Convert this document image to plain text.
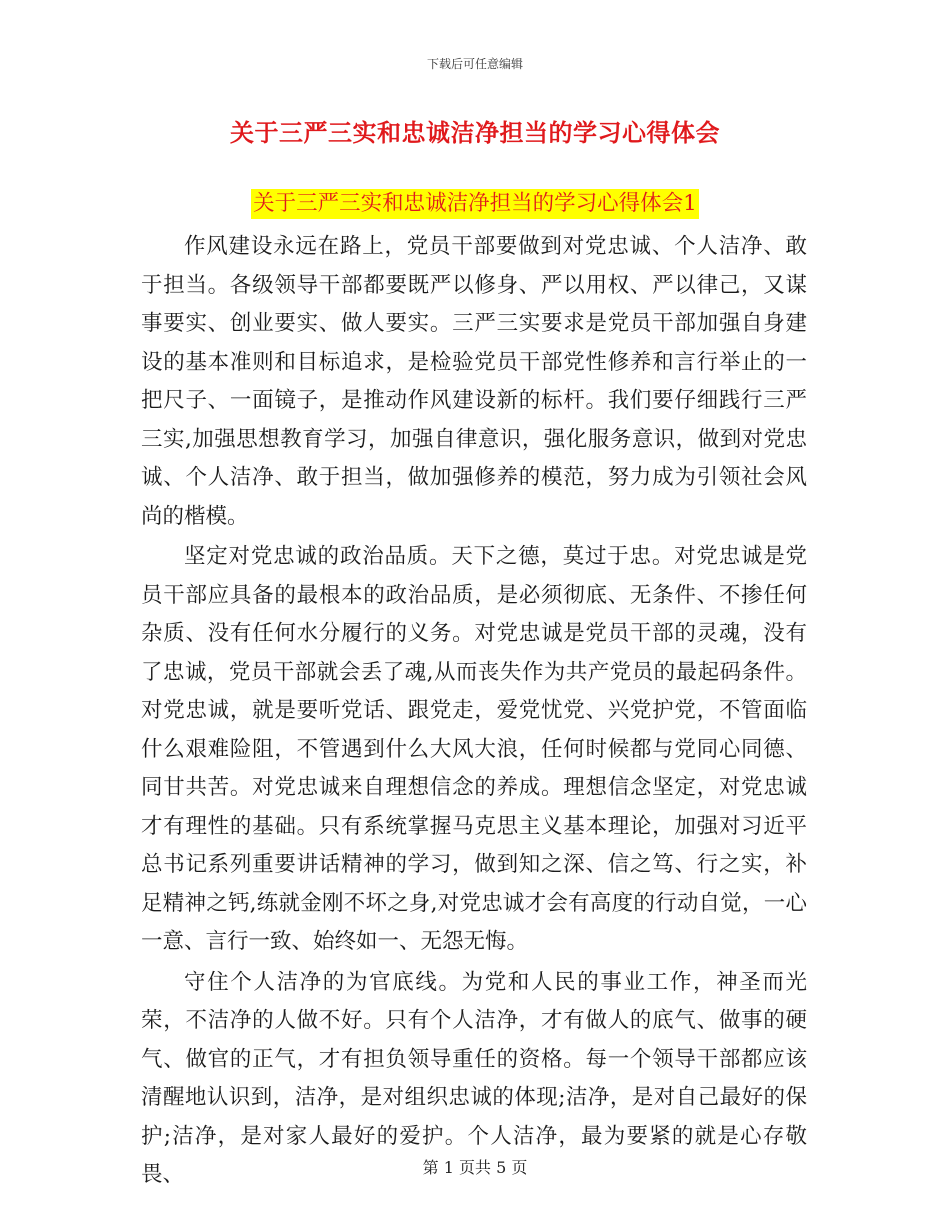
下载后可任意编辑
关于三严三实和忠诚洁净担当的学习心得体会
关于三严三实和忠诚洁净担当的学习心得体会1

作风建设永远在路上，党员干部要做到对党忠诚、个人洁净、敢于担当。各级领导干部都要既严以修身、严以用权、严以律己，又谋事要实、创业要实、做人要实。三严三实要求是党员干部加强自身建设的基本准则和目标追求，是检验党员干部党性修养和言行举止的一把尺子、一面镜子，是推动作风建设新的标杆。我们要仔细践行三严三实,加强思想教育学习，加强自律意识，强化服务意识，做到对党忠诚、个人洁净、敢于担当，做加强修养的模范，努力成为引领社会风尚的楷模。

坚定对党忠诚的政治品质。天下之德，莫过于忠。对党忠诚是党员干部应具备的最根本的政治品质，是必须彻底、无条件、不掺任何杂质、没有任何水分履行的义务。对党忠诚是党员干部的灵魂，没有了忠诚，党员干部就会丢了魂,从而丧失作为共产党员的最起码条件。对党忠诚，就是要听党话、跟党走，爱党忧党、兴党护党，不管面临什么艰难险阻，不管遇到什么大风大浪，任何时候都与党同心同德、同甘共苦。对党忠诚来自理想信念的养成。理想信念坚定，对党忠诚才有理性的基础。只有系统掌握马克思主义基本理论，加强对习近平总书记系列重要讲话精神的学习，做到知之深、信之笃、行之实，补足精神之钙,练就金刚不坏之身,对党忠诚才会有高度的行动自觉，一心一意、言行一致、始终如一、无怨无悔。

守住个人洁净的为官底线。为党和人民的事业工作，神圣而光荣，不洁净的人做不好。只有个人洁净，才有做人的底气、做事的硬气、做官的正气，才有担负领导重任的资格。每一个领导干部都应该清醒地认识到，洁净，是对组织忠诚的体现;洁净，是对自己最好的保护;洁净，是对家人最好的爱护。个人洁净，最为要紧的就是心存敬畏、	第 1 页共 5 页
